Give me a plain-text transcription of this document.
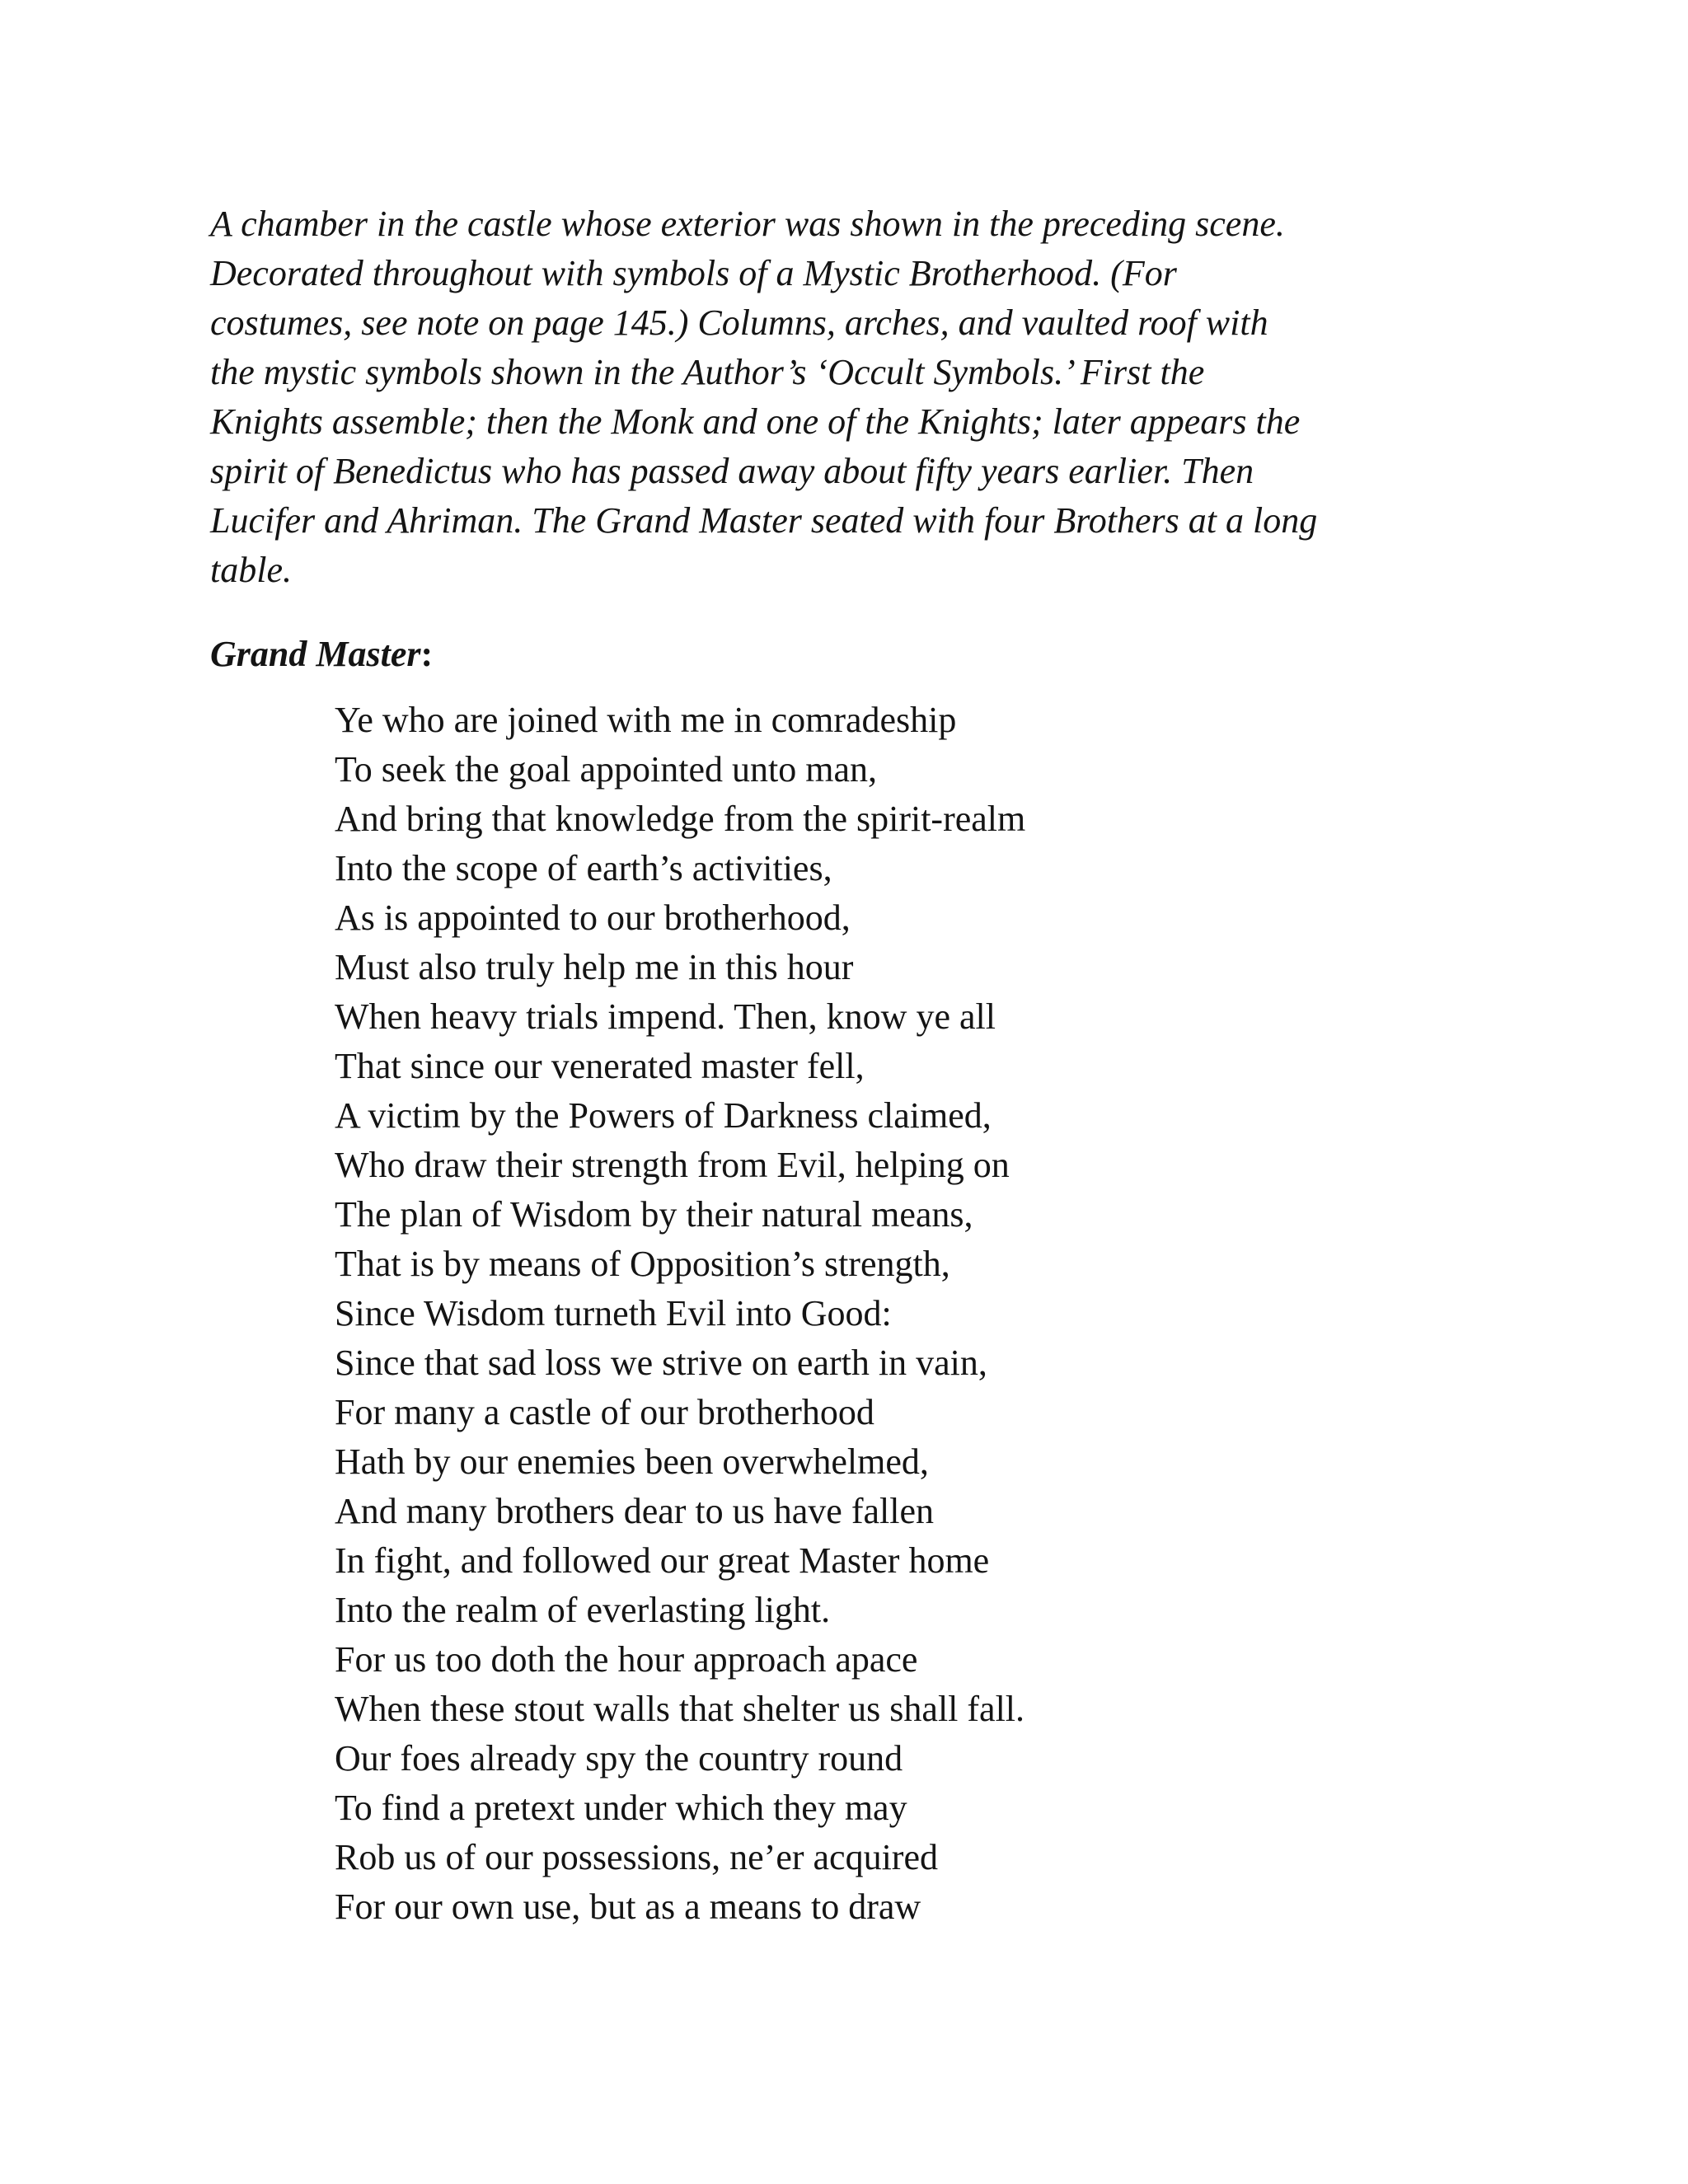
A chamber in the castle whose exterior was shown in the preceding scene.
Decorated throughout with symbols of a Mystic Brotherhood. (For
costumes, see note on page 145.) Columns, arches, and vaulted roof with
the mystic symbols shown in the Author’s ‘Occult Symbols.’ First the
Knights assemble; then the Monk and one of the Knights; later appears the
spirit of Benedictus who has passed away about fifty years earlier. Then
Lucifer and Ahriman. The Grand Master seated with four Brothers at a long
table.

Grand Master:

Ye who are joined with me in comradeship
To seek the goal appointed unto man,
And bring that knowledge from the spirit-realm
Into the scope of earth’s activities,
As is appointed to our brotherhood,
Must also truly help me in this hour
When heavy trials impend. Then, know ye all
That since our venerated master fell,
A victim by the Powers of Darkness claimed,
Who draw their strength from Evil, helping on
The plan of Wisdom by their natural means,
That is by means of Opposition’s strength,
Since Wisdom turneth Evil into Good:
Since that sad loss we strive on earth in vain,
For many a castle of our brotherhood
Hath by our enemies been overwhelmed,
And many brothers dear to us have fallen
In fight, and followed our great Master home
Into the realm of everlasting light.
For us too doth the hour approach apace
When these stout walls that shelter us shall fall.
Our foes already spy the country round
To find a pretext under which they may
Rob us of our possessions, ne’er acquired
For our own use, but as a means to draw
